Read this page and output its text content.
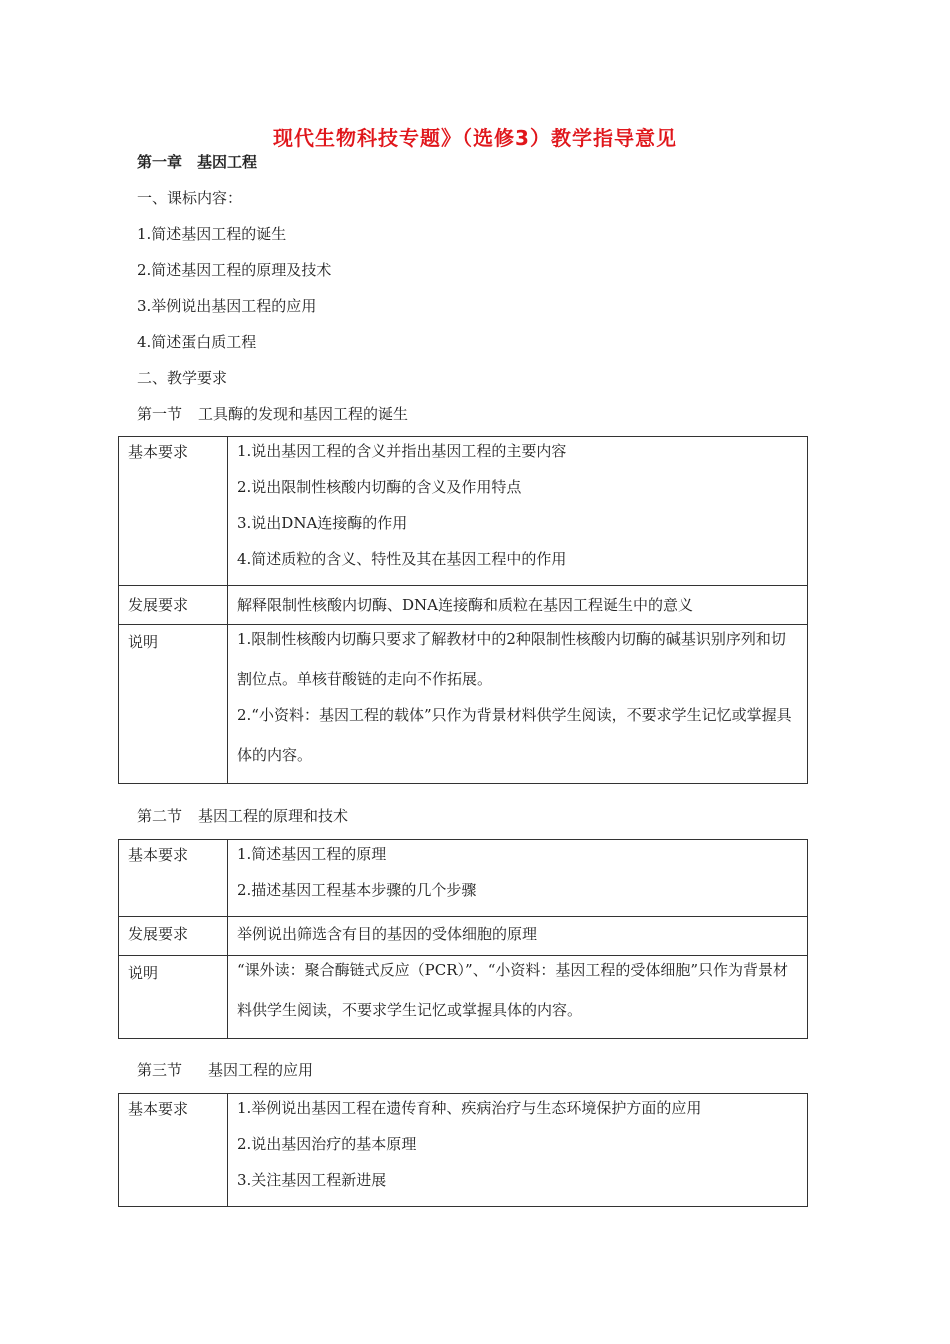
现代生物科技专题》（选修3）教学指导意见
第一章　基因工程
一、课标内容：
1.简述基因工程的诞生
2.简述基因工程的原理及技术
3.举例说出基因工程的应用
4.简述蛋白质工程
二、教学要求
第一节 工具酶的发现和基因工程的诞生
基本要求	1.说出基因工程的含义并指出基因工程的主要内容
2.说出限制性核酸内切酶的含义及作用特点
3.说出DNA连接酶的作用
4.简述质粒的含义、特性及其在基因工程中的作用

发展要求	解释限制性核酸内切酶、DNA连接酶和质粒在基因工程诞生中的意义
说明	1.限制性核酸内切酶只要求了解教材中的2种限制性核酸内切酶的碱基识别序列和切割位点。单核苷酸链的走向不作拓展。
2.“小资料：基因工程的载体”只作为背景材料供学生阅读，不要求学生记忆或掌握具体的内容。
第二节 基因工程的原理和技术
基本要求	1.简述基因工程的原理
2.描述基因工程基本步骤的几个步骤

发展要求	举例说出筛选含有目的基因的受体细胞的原理
说明	“课外读：聚合酶链式反应（PCR）”、“小资料：基因工程的受体细胞”只作为背景材料供学生阅读，不要求学生记忆或掌握具体的内容。
第三节 基因工程的应用
基本要求	1.举例说出基因工程在遗传育种、疾病治疗与生态环境保护方面的应用
2.说出基因治疗的基本原理
3.关注基因工程新进展
